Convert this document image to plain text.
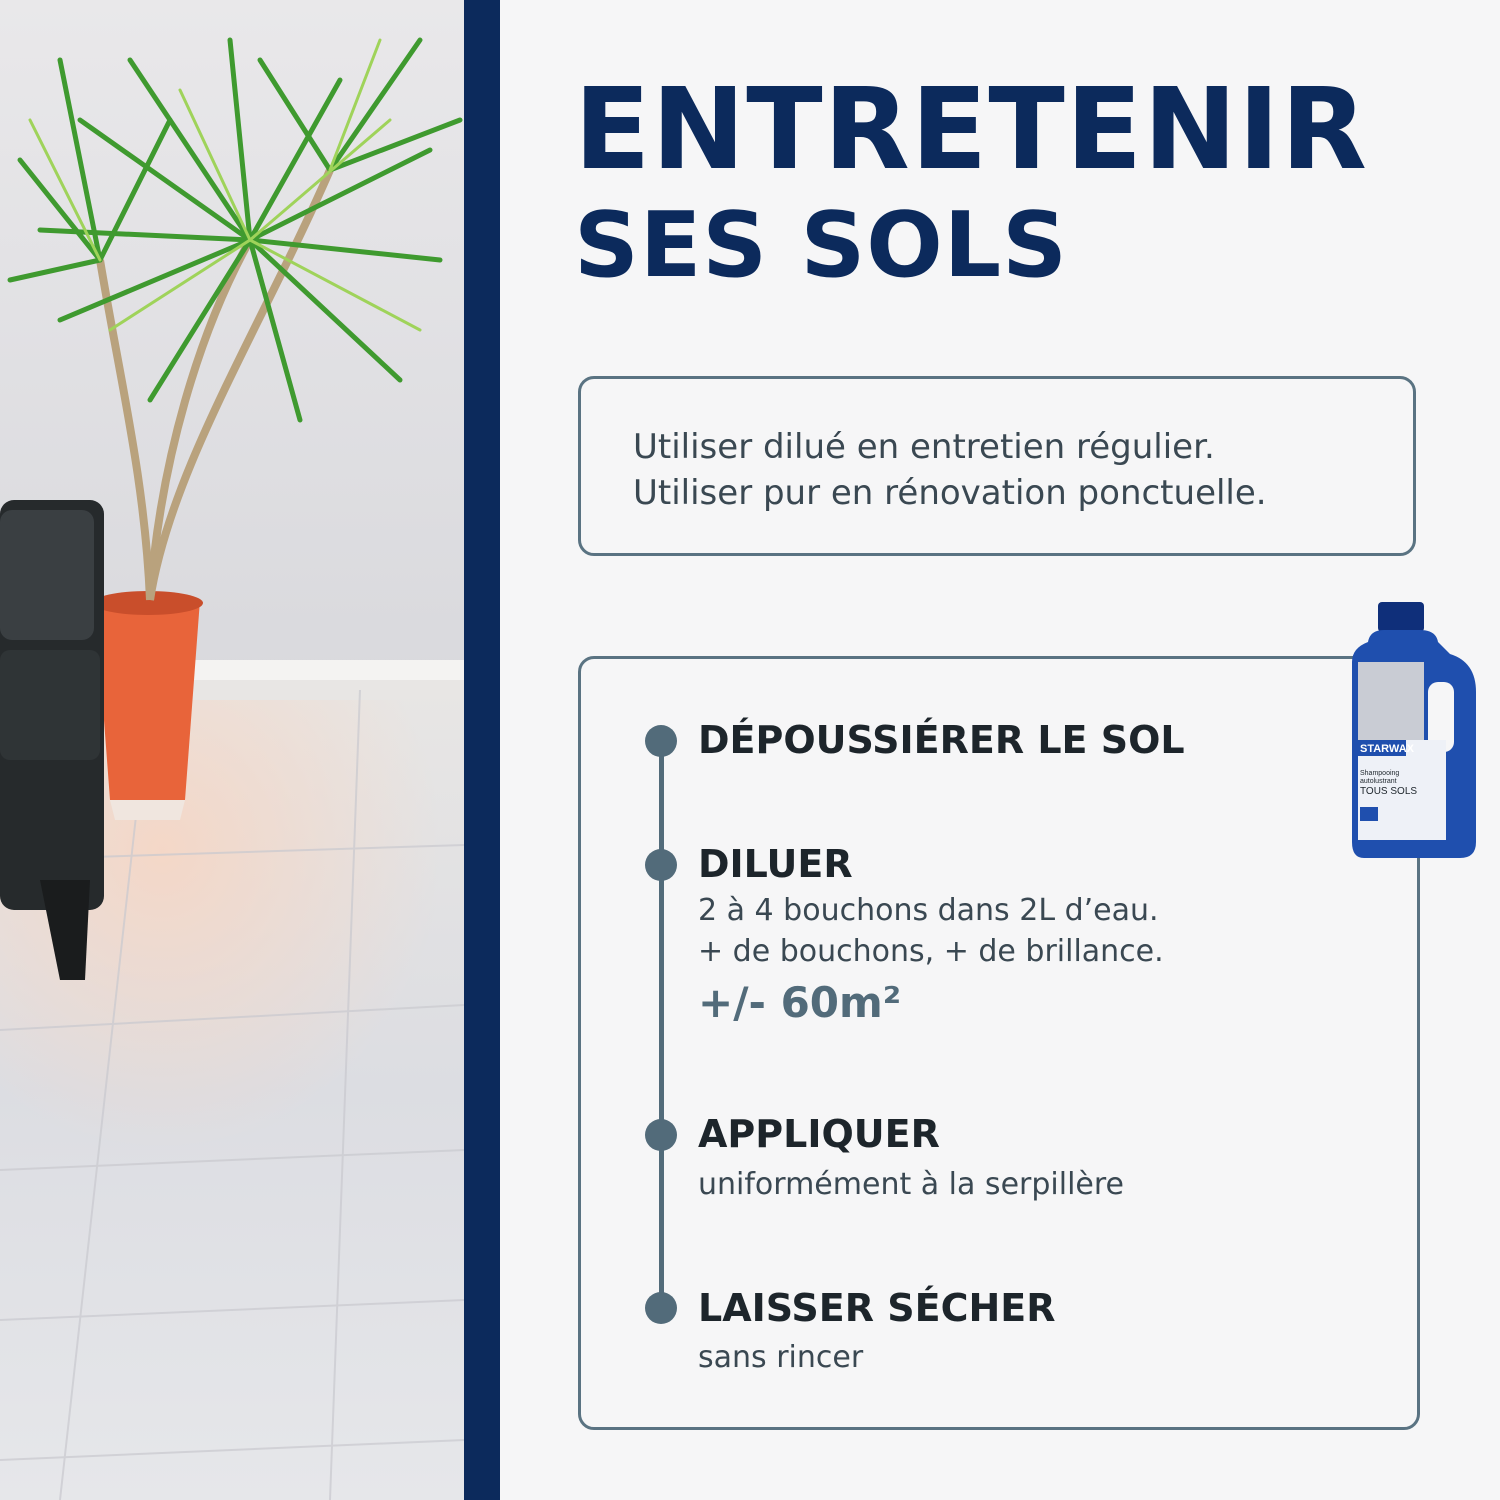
ENTRETENIR
SES SOLS
Utiliser dilué en entretien régulier.
Utiliser pur en rénovation ponctuelle.
DÉPOUSSIÉRER LE SOL
DILUER
2 à 4 bouchons dans 2L d’eau.
+ de bouchons, + de brillance.
+/- 60m²
APPLIQUER
uniformément à la serpillère
LAISSER SÉCHER
sans rincer
STARWAX
Shampooing
autolustrant
TOUS SOLS
